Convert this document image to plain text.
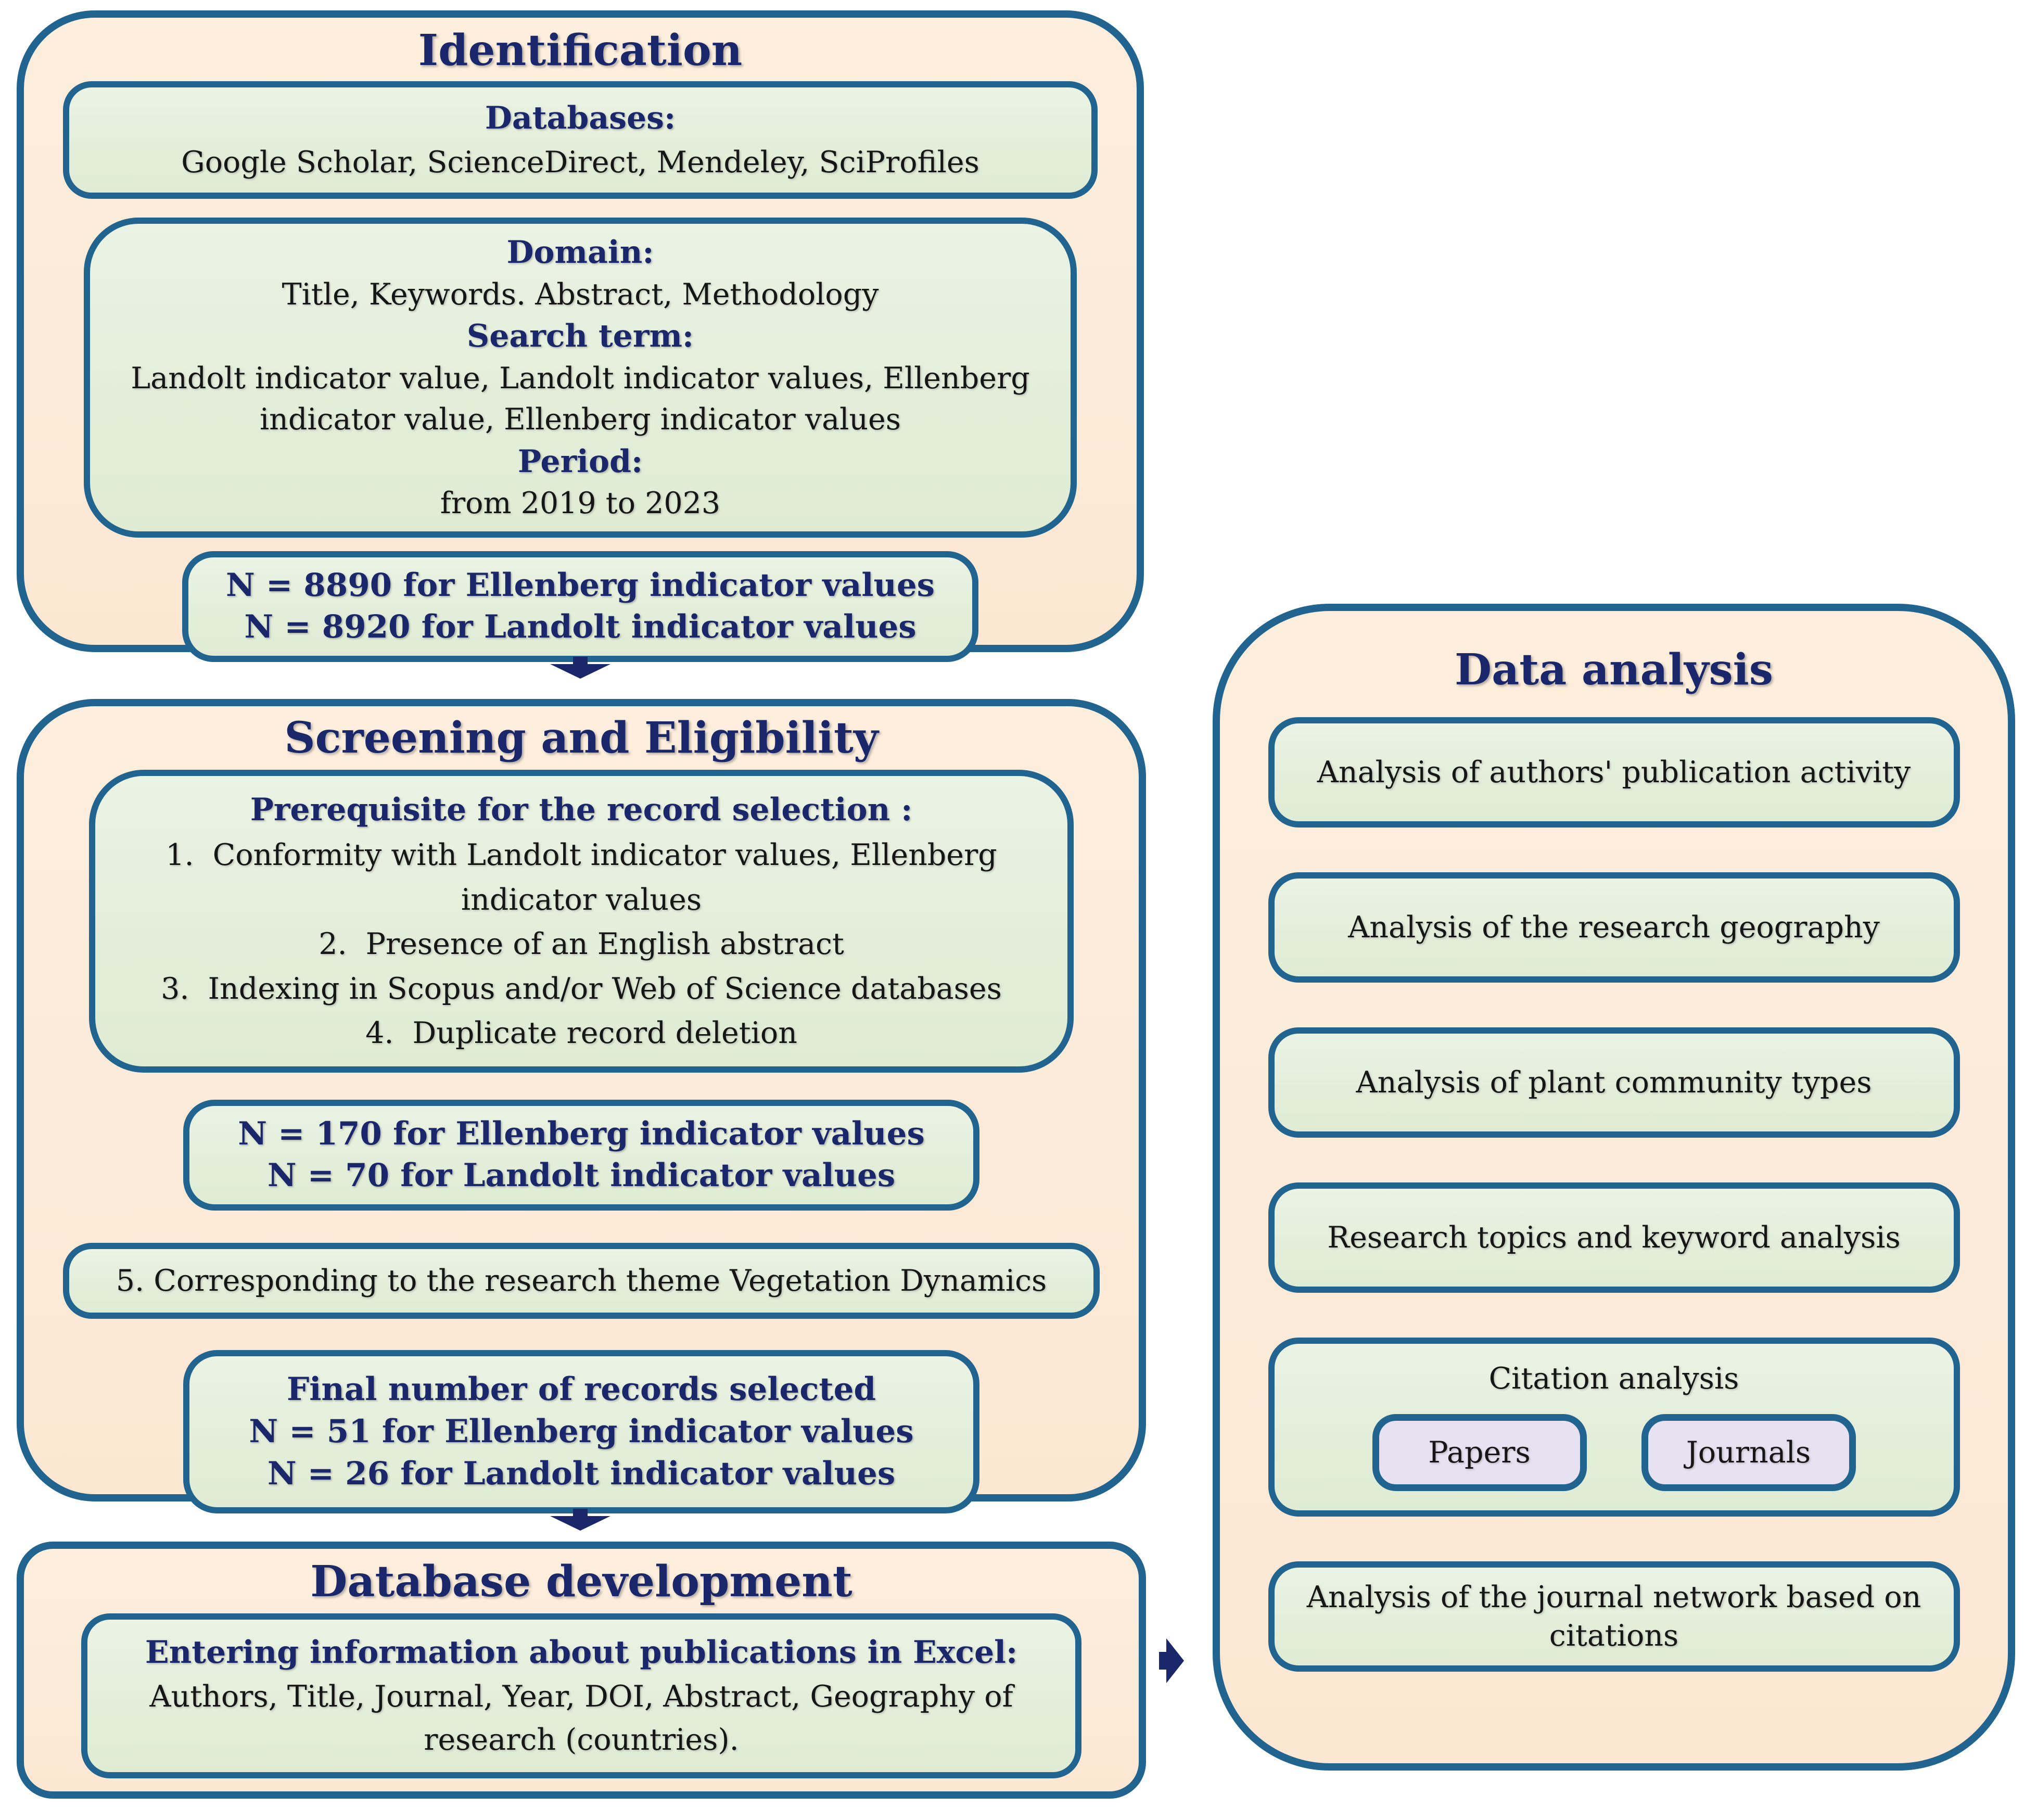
Identification
Databases:
Google Scholar, ScienceDirect, Mendeley, SciProfiles
Domain:
Title, Keywords. Abstract, Methodology
Search term:
Landolt indicator value, Landolt indicator values, Ellenberg indicator value, Ellenberg indicator values
Period:
from 2019 to 2023
N = 8890 for Ellenberg indicator values
N = 8920 for Landolt indicator values
Screening and Eligibility
Prerequisite for the record selection :
1. Conformity with Landolt indicator values, Ellenberg indicator values
2. Presence of an English abstract
3. Indexing in Scopus and/or Web of Science databases
4. Duplicate record deletion
N = 170 for Ellenberg indicator values
N = 70 for Landolt indicator values
5. Corresponding to the research theme Vegetation Dynamics
Final number of records selected
N = 51 for Ellenberg indicator values
N = 26 for Landolt indicator values
Database development
Entering information about publications in Excel:
Authors, Title, Journal, Year, DOI, Abstract, Geography of research (countries).
Data analysis
Analysis of authors' publication activity
Analysis of the research geography
Analysis of plant community types
Research topics and keyword analysis
Citation analysis
Papers	Journals
Analysis of the journal network based on citations
